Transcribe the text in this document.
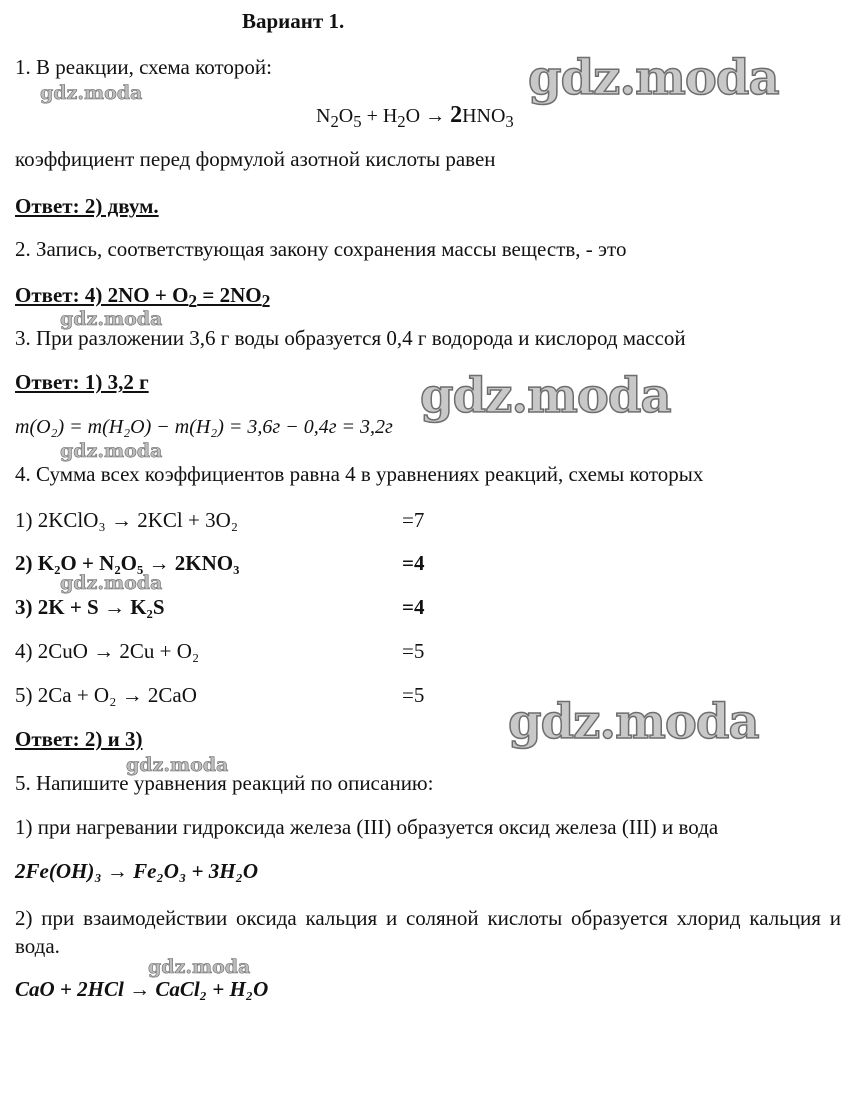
Вариант 1.
1. В реакции, схема которой:
$N_2O_5 + H_2O \to 2HNO_3$
коэффициент перед формулой азотной кислоты равен
Ответ: 2) двум.
2. Запись, соответствующая закону сохранения массы веществ, - это
Ответ: 4) $2NO + O_2 = 2NO_2$
3. При разложении 3,6 г воды образуется 0,4 г водорода и кислород массой
Ответ: 1) 3,2 г
m(O₂) = m(H₂O) − m(H₂) = 3,6г − 0,4г = 3,2г
4. Сумма всех коэффициентов равна 4 в уравнениях реакций, схемы которых
1) 2KClO₃ → 2KCl + 3O₂	=7
2) K₂O + N₂O₅ → 2KNO₃	=4
3) 2K + S → K₂S	=4
4) 2CuO → 2Cu + O₂	=5
5) 2Ca + O₂ → 2CaO	=5
Ответ: 2) и 3)
5. Напишите уравнения реакций по описанию:
1) при нагревании гидроксида железа (III) образуется оксид железа (III) и вода
2Fe(OH)₃ → Fe₂O₃ + 3H₂O
2) при взаимодействии оксида кальция и соляной кислоты образуется хлорид кальция и вода.
CaO + 2HCl → CaCl₂ + H₂O
gdz.moda
gdz.moda
gdz.moda
gdz.moda
gdz.moda
gdz.moda
gdz.moda
gdz.moda
gdz.moda
